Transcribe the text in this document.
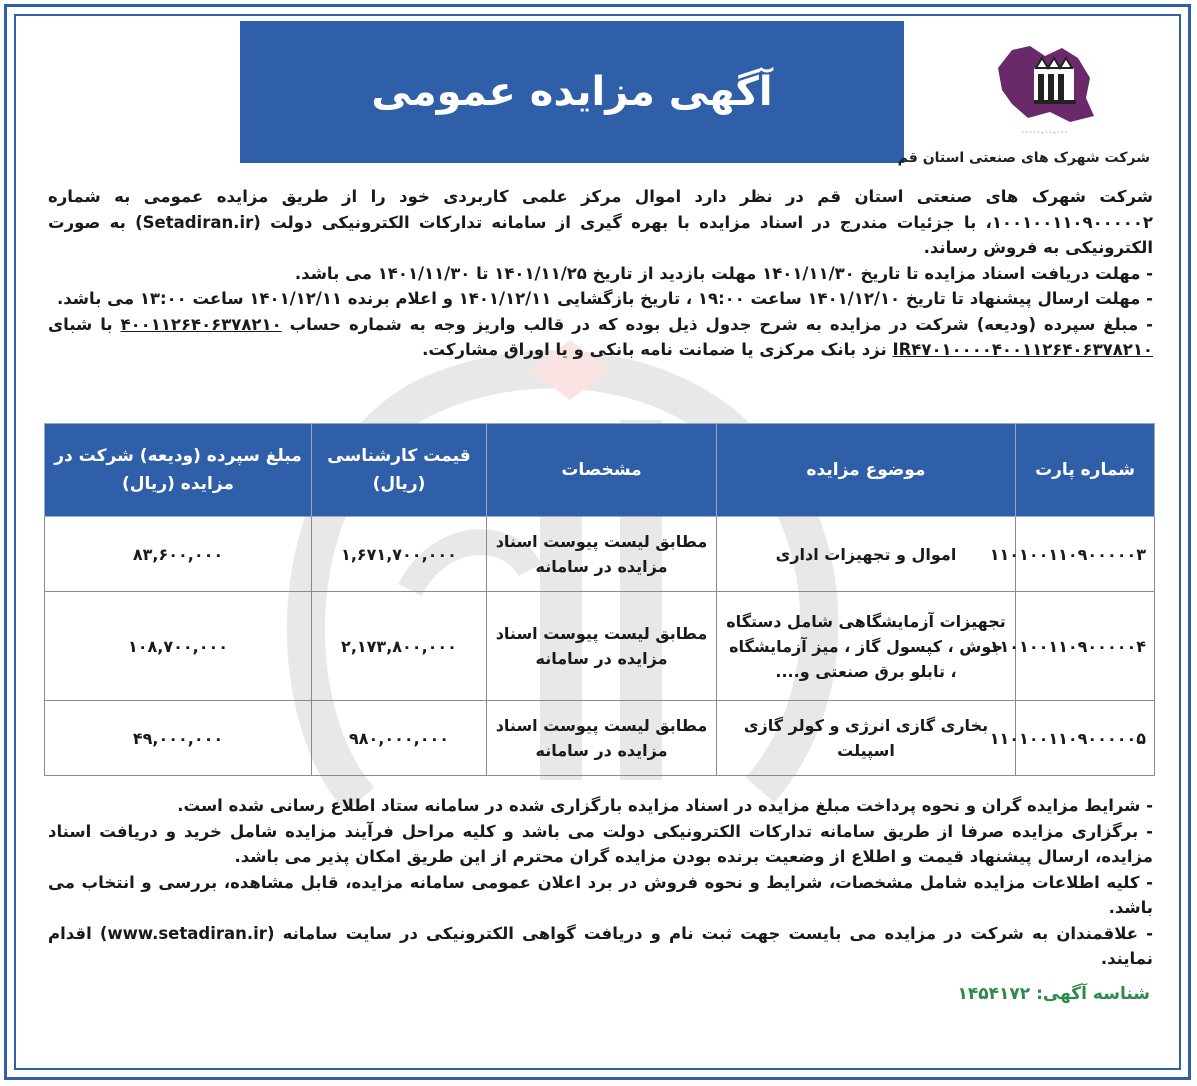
آگهی مزایده عمومی
·····-··-···
شرکت شهرک های صنعتی استان قم

شرکت شهرک های صنعتی استان قم در نظر دارد اموال مرکز علمی کاربردی خود را از طریق مزایده عمومی به شماره ۱۰۰۱۰۰۱۱۰۹۰۰۰۰۰۲، با جزئیات مندرج در اسناد مزایده با بهره گیری از سامانه تدارکات الکترونیکی دولت (Setadiran.ir) به صورت الکترونیکی به فروش رساند.

- مهلت دریافت اسناد مزایده تا تاریخ ۱۴۰۱/۱۱/۳۰ مهلت بازدید از تاریخ ۱۴۰۱/۱۱/۲۵ تا ۱۴۰۱/۱۱/۳۰ می باشد.

- مهلت ارسال پیشنهاد تا تاریخ ۱۴۰۱/۱۲/۱۰ ساعت ۱۹:۰۰ ، تاریخ بازگشایی ۱۴۰۱/۱۲/۱۱ و اعلام برنده ۱۴۰۱/۱۲/۱۱ ساعت ۱۳:۰۰ می باشد.

- مبلغ سپرده (ودیعه) شرکت در مزایده به شرح جدول ذیل بوده که در قالب واریز وجه به شماره حساب ۴۰۰۱۱۲۶۴۰۶۳۷۸۲۱۰ با شبای IR۴۷۰۱۰۰۰۰۴۰۰۱۱۲۶۴۰۶۳۷۸۲۱۰ نزد بانک مرکزی یا ضمانت نامه بانکی و یا اوراق مشارکت.

شماره پارت	موضوع مزایده	مشخصات	قیمت کارشناسی (ریال)	مبلغ سپرده (ودیعه) شرکت در مزایده (ریال)
۱۱۰۱۰۰۱۱۰۹۰۰۰۰۰۳	اموال و تجهیزات اداری	مطابق لیست پیوست اسناد مزایده در سامانه	۱,۶۷۱,۷۰۰,۰۰۰	۸۳,۶۰۰,۰۰۰
۱۱۰۱۰۰۱۱۰۹۰۰۰۰۰۴	تجهیزات آزمایشگاهی شامل دستگاه جوش ، کپسول گاز ، میز آزمایشگاه ، تابلو برق صنعتی و....	مطابق لیست پیوست اسناد مزایده در سامانه	۲,۱۷۳,۸۰۰,۰۰۰	۱۰۸,۷۰۰,۰۰۰
۱۱۰۱۰۰۱۱۰۹۰۰۰۰۰۵	بخاری گازی انرژی و کولر گازی اسپیلت	مطابق لیست پیوست اسناد مزایده در سامانه	۹۸۰,۰۰۰,۰۰۰	۴۹,۰۰۰,۰۰۰

- شرایط مزایده گران و نحوه پرداخت مبلغ مزایده در اسناد مزایده بارگزاری شده در سامانه ستاد اطلاع رسانی شده است.

- برگزاری مزایده صرفا از طریق سامانه تدارکات الکترونیکی دولت می باشد و کلیه مراحل فرآیند مزایده شامل خرید و دریافت اسناد مزایده، ارسال پیشنهاد قیمت و اطلاع از وضعیت برنده بودن مزایده گران محترم از این طریق امکان پذیر می باشد.

- کلیه اطلاعات مزایده شامل مشخصات، شرایط و نحوه فروش در برد اعلان عمومی سامانه مزایده، قابل مشاهده، بررسی و انتخاب می باشد.

- علاقمندان به شرکت در مزایده می بایست جهت ثبت نام و دریافت گواهی الکترونیکی در سایت سامانه (www.setadiran.ir) اقدام نمایند.

شناسه آگهی: ۱۴۵۴۱۷۲
